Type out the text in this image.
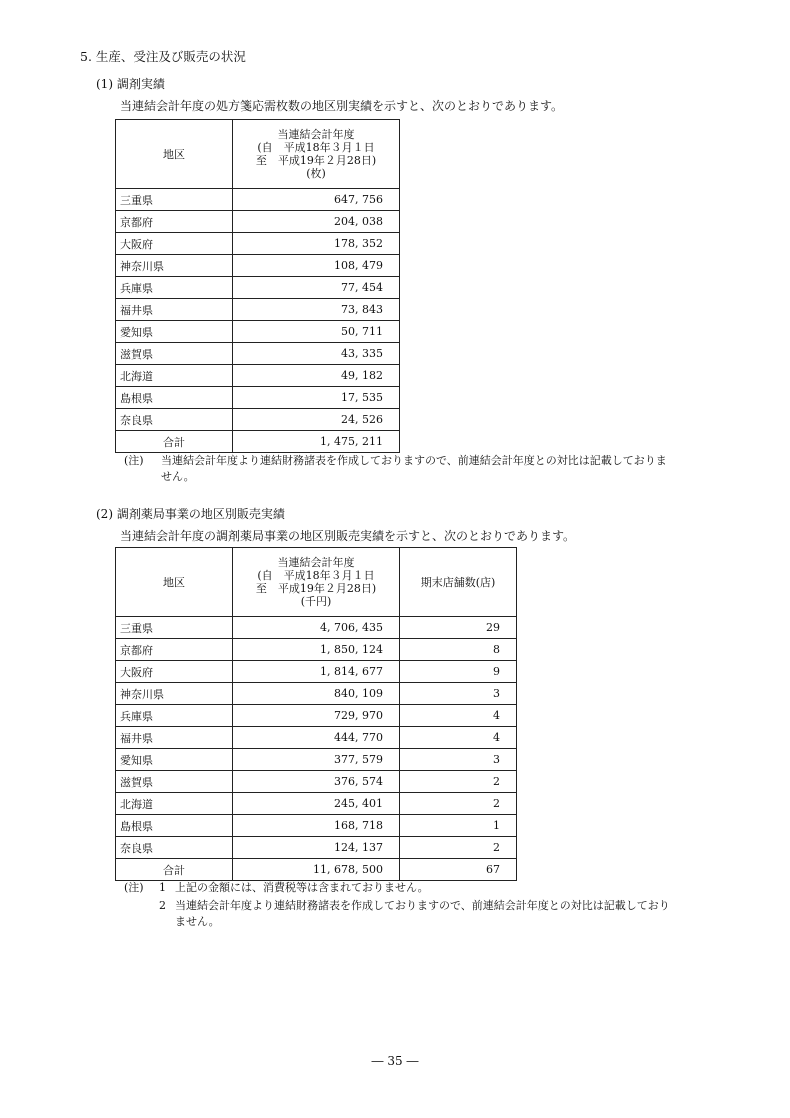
5. 生産、受注及び販売の状況
(1) 調剤実績
当連結会計年度の処方箋応需枚数の地区別実績を示すと、次のとおりであります。
地区	当連結会計年度
(自　平成18年３月１日
至　平成19年２月28日)
(枚)

三重県	647, 756
京都府	204, 038
大阪府	178, 352
神奈川県	108, 479
兵庫県	77, 454
福井県	73, 843
愛知県	50, 711
滋賀県	43, 335
北海道	49, 182
島根県	17, 535
奈良県	24, 526
合計	1, 475, 211
(注) 当連結会計年度より連結財務諸表を作成しておりますので、前連結会計年度との対比は記載しておりま
せん。
(2) 調剤薬局事業の地区別販売実績
当連結会計年度の調剤薬局事業の地区別販売実績を示すと、次のとおりであります。
地区	当連結会計年度
(自　平成18年３月１日
至　平成19年２月28日)
(千円)	期末店舗数(店)
三重県	4, 706, 435	29
京都府	1, 850, 124	8
大阪府	1, 814, 677	9
神奈川県	840, 109	3
兵庫県	729, 970	4
福井県	444, 770	4
愛知県	377, 579	3
滋賀県	376, 574	2
北海道	245, 401	2
島根県	168, 718	1
奈良県	124, 137	2
合計	11, 678, 500	67
(注) 1 上記の金額には、消費税等は含まれておりません。
2 当連結会計年度より連結財務諸表を作成しておりますので、前連結会計年度との対比は記載しており
ません。
― 35 ―
